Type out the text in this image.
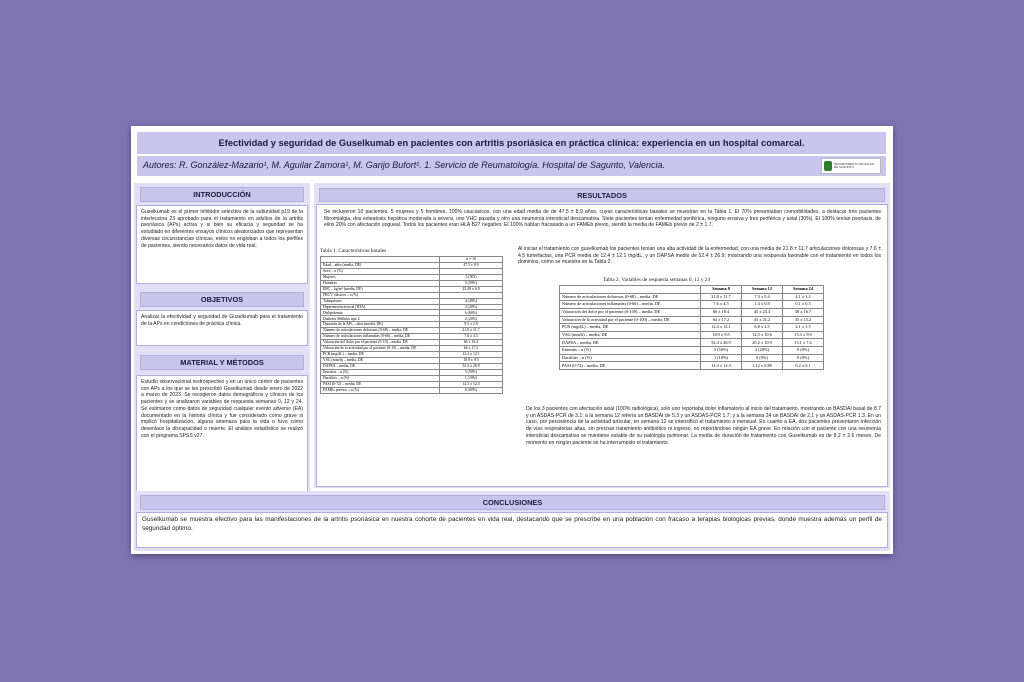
Efectividad y seguridad de Guselkumab en pacientes con artritis psoriásica en práctica clínica: experiencia en un hospital comarcal.
Autores: R. González-Mazario¹, M. Aguilar Zamora¹, M. Garijo Bufort¹. 1. Servicio de Reumatología. Hospital de Sagunto, Valencia.	DEPARTAMENTO DE SALUD DE SAGUNTO
INTRODUCCIÓN
Guselkumab es el primer inhibidor selectivo de la subunidad p19 de la interleucina 23 aprobado para el tratamiento en adultos de la artritis psoriásica (APs) activa y si bien su eficacia y seguridad se ha estudiado en diferentes ensayos clínicos aleatorizados que representan diversas circunstancias clínicas, estos no engloban a todos los perfiles de pacientes, siendo necesarios datos de vida real.
OBJETIVOS
Analizar la efectividad y seguridad de Guselkumab para el tratamiento de la APs en condiciones de práctica clínica.
MATERIAL Y MÉTODOS
Estudio observacional restrospectivo y en un único centro de pacientes con APs a los que se les prescribió Guselkumab desde enero de 2022 a marzo de 2023. Se recogieron datos demográficos y clínicos de los pacientes y se analizaron variables de respuesta semanas 0, 12 y 24. Se estimaron como datos de seguridad cualquier evento adverso (EA) documentado en la historia clínica y fue considerado como grave si implicó hospitalización, alguna amenaza para la vida o tuvo como desenlace la discapacidad o muerte. El análisis estadístico se realizó con el programa SPSS v27.
RESULTADOS
Se incluyeron 10 pacientes, 5 mujeres y 5 hombres, 100% caucásicos, con una edad media de de 47.5 ± 8.9 años, cuyas características basales se muestran en la Tabla 1. El 70% presentaban comorbilidades, a destacar tres pacientes fibromialgia, dos esteatosis hepática moderada a severa, uno VHC pasada y otro una neumonía intersticial descamativa. Siete pacientes tenían enfermedad periférica, ninguno erosiva y tres periférica y axial (30%). El 100% tenían psoriasis, de ellos 20% con afectación ungueal. Todos los pacientes eran HLA B27 negativo. El 100% habían fracasado a un FAMEb previo, siendo la media de FAMEb previo de 2 ± 1.7.
Tabla 1. Características basales
	n = 10
Edad – años (media, DE)	47.5 ± 8.9
Sexo – n (%)	
Mujeres	5 (505)
Hombres	5 (50%)
IMC – kg/m² (media, DE)	25.49 ± 6.9
FRCV clásicos – n (%)	
Tabaquismo	4 (40%)
Hipertensión arterial (HTA)	2 (20%)
Dislipidemia	6 (60%)
Diabetes Mellitus tipo 2	2 (20%)
Duración de la APs – años (media, DE)	9.5 ± 2.9
Número de articulaciones dolorosas (0-68) – media, DE	21.8 ± 11.7
Número de articulaciones inflamadas (0-66) – media, DE	7.6 ± 4.5
Valoración del dolor por el paciente (0-10) – media, DE	66 ± 18.4
Valoración de la actividad por el paciente (0-10) – media, DE	64 ± 17.2
PCR (mg/dL) – media, DE	12.4 ± 12.1
VSG (mm/h) – media, DE	18.9 ± 9.5
DAPSA – media, DE	52.4 ± 26.9
Entesitis – n (%)	5 (50%)
Dactilitis – n (%)	1 (10%)
PASI (0-72) – media, DE	14.3 ± 12.3
FAMEs previos – n (%)	6 (60%)
Al iniciar el tratamiento con guselkumab los pacientes tenían una alta actividad de la enfermedad, con una media de 21.8 ± 11.7 articulaciones dolorosas y 7.6 ± 4.5 tumefactas, una PCR media de 12.4 ± 12.1 mg/dL, y un DAPSA medio de 52.4 ± 26.9; mostrando una respuesta favorable con el tratamiento en todos los dominios, como se muestra en la Tabla 2.
Tabla 2. Variables de respuesta semanas 0, 12 y 24
	Semana 0	Semana 12	Semana 24
Número de articulaciones dolorosas (0-68) – media, DE	21.8 ± 11.7	7.3 ± 5.4	4.1 ± 3.2
Número de articulaciones inflamadas (0-66) – media, DE	7.6 ± 4.5	1.4 ± 0.8	0.1 ± 0.3
Valoración del dolor por el paciente (0-100) – media, DE	66 ± 18.4	45 ± 23.3	38 ± 16.7
Valoración de la actividad por el paciente (0-100) – media, DE	64 ± 17.2	43 ± 21.2	35 ± 15.2
PCR (mg/dL) – media, DE	12.4 ± 12.1	6.8 ± 2.5	2.1 ± 1.5
VSG (mm/h) – media, DE	18.9 ± 9.5	14.5 ± 10.6	13.3 ± 9.9
DAPSA – media, DE	52.4 ± 26.9	20.2 ± 10.9	13.1 ± 7.4
Entesitis – n (%)	5 (50%)	2 (20%)	0 (0%)
Dactilitis – n (%)	1 (10%)	0 (0%)	0 (0%)
PASI (0-72) – media, DE	14.3 ± 12.3	1.12 ± 0.89	0.2 ± 0.1
De los 3 pacientes con afectación axial (100% radiológica), solo uno reportaba dolor inflamatorio al inicio del tratamiento, mostrando un BASDAI basal de 8.7 y un ASDAS-PCR de 3.1; a la semana 12 refería un BASDAI de 5.3 y un ASDAS-PCR 1.7; y a la semana 24 un BASDAI de 2.1 y un ASDAS-PCR 1.3. En un caso, por persistencia de la actividad articular, en semana 12 se intensificó el tratamiento a mensual. En cuanto a EA, dos pacientes presentaron infección de vías respiratorias altas, sin precisar tratamiento antibiótico ni ingreso, no reportándose ningún EA grave. En relación con el paciente con una neumonía intersticial descamativa se mantiene estable de su patología pulmonar. La media de duración de tratamiento con Guselkumab es de 8.2 ± 2.6 meses. De momento en ningún paciente se ha interrumpido el tratamiento.
CONCLUSIONES
Guselkumab se muestra efectivo para las manifestaciones de la artritis psoriásica en nuestra cohorte de pacientes en vida real, destacando que se prescribe en una población con fracaso a terapias biológicas previas, donde muestra además un perfil de seguridad óptimo.
